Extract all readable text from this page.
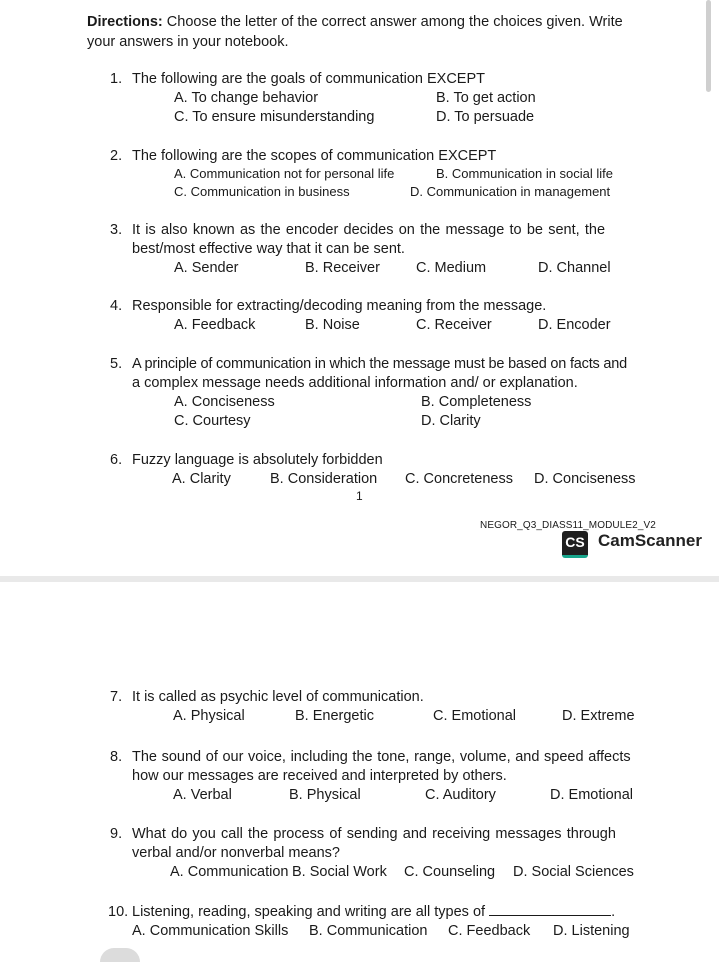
Directions: Choose the letter of the correct answer among the choices given. Write your answers in your notebook.
1. The following are the goals of communication EXCEPT
A. To change behavior	B. To get action
C. To ensure misunderstanding	D. To persuade
2. The following are the scopes of communication EXCEPT
A. Communication not for personal life	B. Communication in social life
C. Communication in business	D. Communication in management
3. It is also known as the encoder decides on the message to be sent, the
best/most effective way that it can be sent.
A. Sender	B. Receiver C. Medium	D. Channel
4. Responsible for extracting/decoding meaning from the message.
A. Feedback	B. Noise	C. Receiver	D. Encoder
5. A principle of communication in which the message must be based on facts and
a complex message needs additional information and/ or explanation.
A. Conciseness	B. Completeness
C. Courtesy	D. Clarity
6. Fuzzy language is absolutely forbidden
A. Clarity	B. Consideration C. Concreteness D. Conciseness
1
NEGOR_Q3_DIASS11_MODULE2_V2
CS CamScanner
7. It is called as psychic level of communication.
A. Physical	B. Energetic	C. Emotional	D. Extreme
8. The sound of our voice, including the tone, range, volume, and speed affects
how our messages are received and interpreted by others.
A. Verbal	B. Physical	C. Auditory	D. Emotional
9. What do you call the process of sending and receiving messages through
verbal and/or nonverbal means?
A. Communication B. Social Work C. Counseling D. Social Sciences
10. Listening, reading, speaking and writing are all types of	.
A. Communication Skills B. Communication C. Feedback D. Listening
